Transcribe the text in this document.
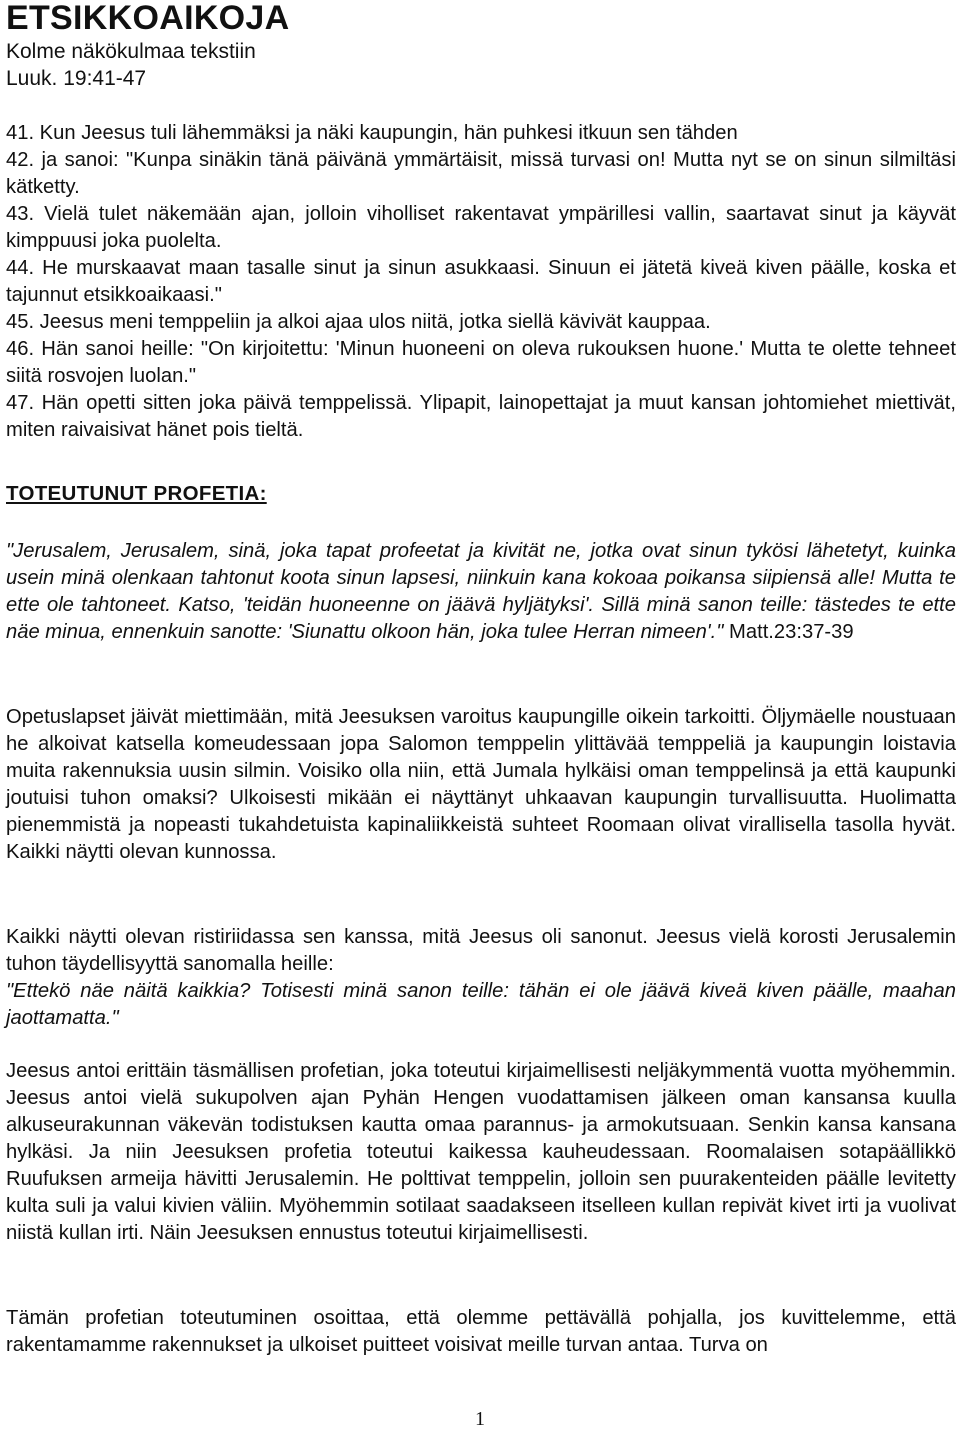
ETSIKKOAIKOJA

Kolme näkökulmaa tekstiin

Luuk. 19:41-47

41. Kun Jeesus tuli lähemmäksi ja näki kaupungin, hän puhkesi itkuun sen tähden

42. ja sanoi: "Kunpa sinäkin tänä päivänä ymmärtäisit, missä turvasi on! Mutta nyt se on sinun silmiltäsi kätketty.

43. Vielä tulet näkemään ajan, jolloin viholliset rakentavat ympärillesi vallin, saartavat sinut ja käyvät kimppuusi joka puolelta.

44. He murskaavat maan tasalle sinut ja sinun asukkaasi. Sinuun ei jätetä kiveä kiven päälle, koska et tajunnut etsikkoaikaasi."

45. Jeesus meni temppeliin ja alkoi ajaa ulos niitä, jotka siellä kävivät kauppaa.

46. Hän sanoi heille: "On kirjoitettu: 'Minun huoneeni on oleva rukouksen huone.' Mutta te olette tehneet siitä rosvojen luolan."

47. Hän opetti sitten joka päivä temppelissä. Ylipapit, lainopettajat ja muut kansan johtomiehet miettivät, miten raivaisivat hänet pois tieltä.

TOTEUTUNUT PROFETIA:

"Jerusalem, Jerusalem, sinä, joka tapat profeetat ja kivität ne, jotka ovat sinun tykösi lähetetyt, kuinka usein minä olenkaan tahtonut koota sinun lapsesi, niinkuin kana kokoaa poikansa siipiensä alle! Mutta te ette ole tahtoneet. Katso, 'teidän huoneenne on jäävä hyljätyksi'. Sillä minä sanon teille: tästedes te ette näe minua, ennenkuin sanotte: 'Siunattu olkoon hän, joka tulee Herran nimeen'." Matt.23:37-39

Opetuslapset jäivät miettimään, mitä Jeesuksen varoitus kaupungille oikein tarkoitti. Öljymäelle noustuaan he alkoivat katsella komeudessaan jopa Salomon temppelin ylittävää temppeliä ja kaupungin loistavia muita rakennuksia uusin silmin. Voisiko olla niin, että Jumala hylkäisi oman temppelinsä ja että kaupunki joutuisi tuhon omaksi? Ulkoisesti mikään ei näyttänyt uhkaavan kaupungin turvallisuutta. Huolimatta pienemmistä ja nopeasti tukahdetuista kapinaliikkeistä suhteet Roomaan olivat virallisella tasolla hyvät. Kaikki näytti olevan kunnossa.

Kaikki näytti olevan ristiriidassa sen kanssa, mitä Jeesus oli sanonut. Jeesus vielä korosti Jerusalemin tuhon täydellisyyttä sanomalla heille:

"Ettekö näe näitä kaikkia? Totisesti minä sanon teille: tähän ei ole jäävä kiveä kiven päälle, maahan jaottamatta."

Jeesus antoi erittäin täsmällisen profetian, joka toteutui kirjaimellisesti neljäkymmentä vuotta myöhemmin. Jeesus antoi vielä sukupolven ajan Pyhän Hengen vuodattamisen jälkeen oman kansansa kuulla alkuseurakunnan väkevän todistuksen kautta omaa parannus- ja armokutsuaan. Senkin kansa kansana hylkäsi. Ja niin Jeesuksen profetia toteutui kaikessa kauheudessaan. Roomalaisen sotapäällikkö Ruufuksen armeija hävitti Jerusalemin. He polttivat temppelin, jolloin sen puurakenteiden päälle levitetty kulta suli ja valui kivien väliin. Myöhemmin sotilaat saadakseen itselleen kullan repivät kivet irti ja vuolivat niistä kullan irti. Näin Jeesuksen ennustus toteutui kirjaimellisesti.

Tämän profetian toteutuminen osoittaa, että olemme pettävällä pohjalla, jos kuvittelemme, että rakentamamme rakennukset ja ulkoiset puitteet voisivat meille turvan antaa. Turva on

1
